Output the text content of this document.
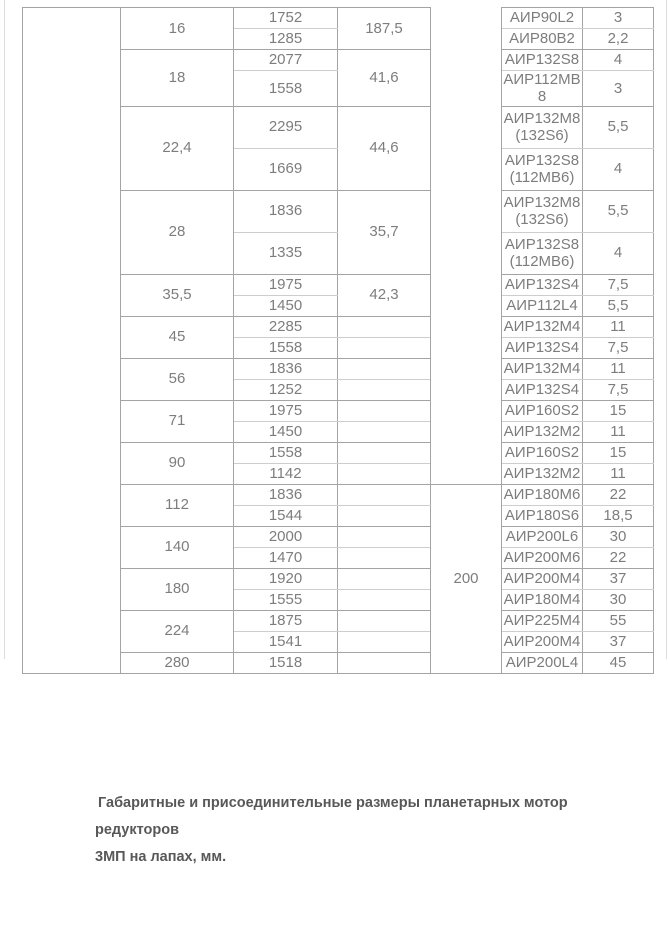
	16	1752	187,5		АИР90L2	3
		1285			АИР80В2	2,2
	18	2077	41,6		АИР132S8	4
		1558			АИР112МВ8	3
	22,4	2295	44,6		АИР132М8(132S6)	5,5
		1669			АИР132S8(112МВ6)	4
	28	1836	35,7		АИР132М8(132S6)	5,5
		1335			АИР132S8(112МВ6)	4
	35,5	1975	42,3		АИР132S4	7,5
		1450			АИР112L4	5,5
	45	2285			АИР132М4	11
		1558			АИР132S4	7,5
	56	1836			АИР132М4	11
		1252			АИР132S4	7,5
	71	1975			АИР160S2	15
		1450			АИР132М2	11
	90	1558			АИР160S2	15
		1142			АИР132М2	11
	112	1836		200	АИР180М6	22
		1544			АИР180S6	18,5
	140	2000			АИР200L6	30
		1470			АИР200М6	22
	180	1920			АИР200М4	37
		1555			АИР180М4	30
	224	1875			АИР225М4	55
		1541			АИР200М4	37
	280	1518			АИР200L4	45
Габаритные и присоединительные размеры планетарных мотор редукторов
3МП на лапах, мм.
